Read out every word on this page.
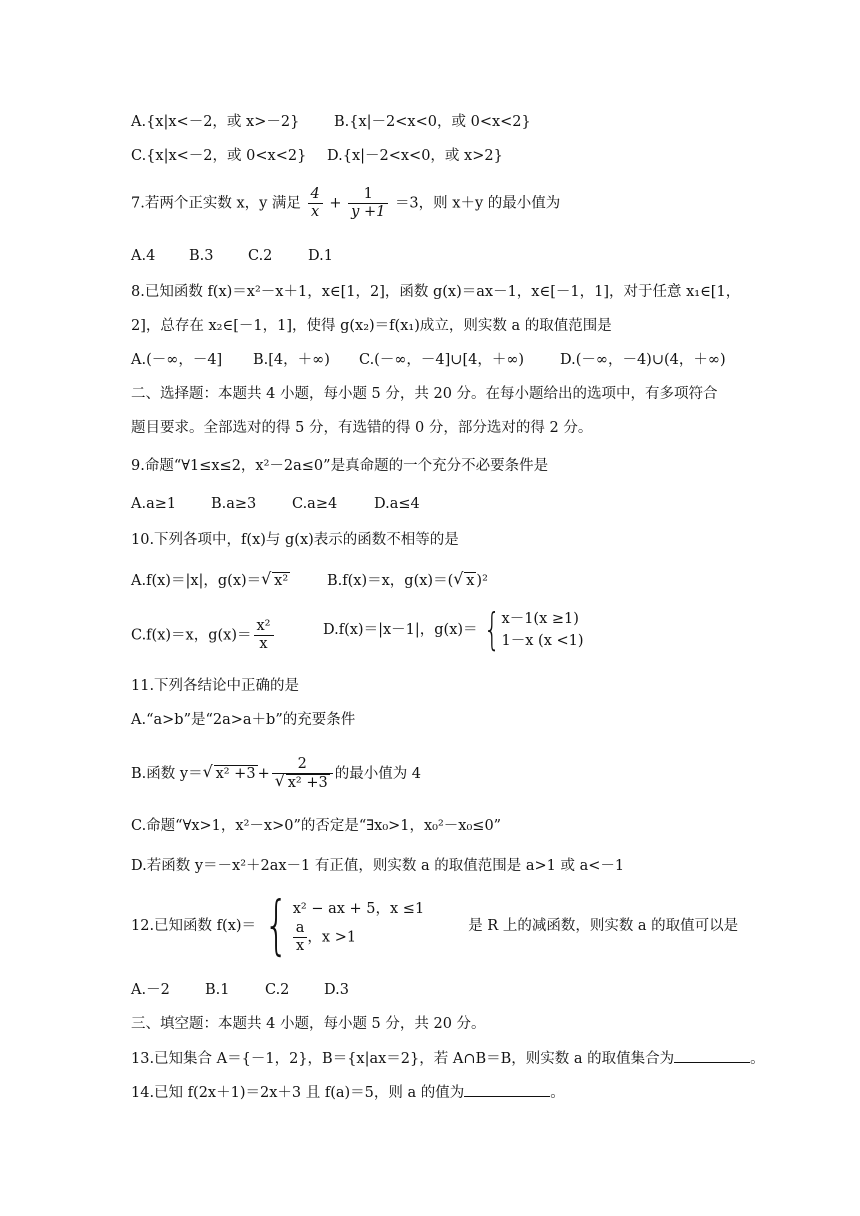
A.{x|x<－2，或 x>－2} B.{x|－2<x<0，或 0<x<2}
C.{x|x<－2，或 0<x<2} D.{x|－2<x<0，或 x>2}
7.若两个正实数 x，y 满足 $\frac{4}{x} + \frac{1}{y +1} =3$，则 x＋y 的最小值为
A.4 B.3 C.2 D.1
8.已知函数 f(x)＝x²－x＋1，x∈[1，2]，函数 g(x)＝ax－1，x∈[－1，1]，对于任意 x₁∈[1，
2]，总存在 x₂∈[－1，1]，使得 g(x₂)＝f(x₁)成立，则实数 a 的取值范围是
A.(－∞，－4] B.[4，＋∞) C.(－∞，－4]∪[4，＋∞) D.(－∞，－4)∪(4，＋∞)
二、选择题：本题共 4 小题，每小题 5 分，共 20 分。在每小题给出的选项中，有多项符合
题目要求。全部选对的得 5 分，有选错的得 0 分，部分选对的得 2 分。
9.命题“∀1≤x≤2，x²－2a≤0”是真命题的一个充分不必要条件是
A.a≥1 B.a≥3 C.a≥4	D.a≤4
10.下列各项中，f(x)与 g(x)表示的函数不相等的是
A.f(x)＝|x|，g(x)＝ √ x²	B.f(x)＝x，g(x)＝( √ x )²
C.f(x)＝x，$g(x)= \frac{\text{x²}}{x}$	D.f(x)＝|x－1|，g(x)＝ { x－1(x ≥1)
1－x (x <1)
11.下列各结论中正确的是
A.“a>b”是“2a>a＋b”的充要条件
B.函数 y＝ √ $x^2 +3 + \frac{2}{\text{√ x² +3}}$ 的最小值为 4
C.命题“∀x>1，x²－x>0”的否定是“∃x₀>1，x₀²－x₀≤0”
D.若函数 y＝－x²＋2ax－1 有正值，则实数 a 的取值范围是 a>1 或 a<－1
12.已知函数 f(x)＝ { x² − ax + 5，x ≤1
$\frac{a}{x}$ ，x >1
是 R 上的减函数，则实数 a 的取值可以是
A.－2 B.1 C.2 D.3
三、填空题：本题共 4 小题，每小题 5 分，共 20 分。
13.已知集合 A＝{－1，2}，B＝{x|ax＝2}，若 A∩B＝B，则实数 a 的取值集合为	。
14.已知 f(2x＋1)＝2x＋3 且 f(a)＝5，则 a 的值为	。
